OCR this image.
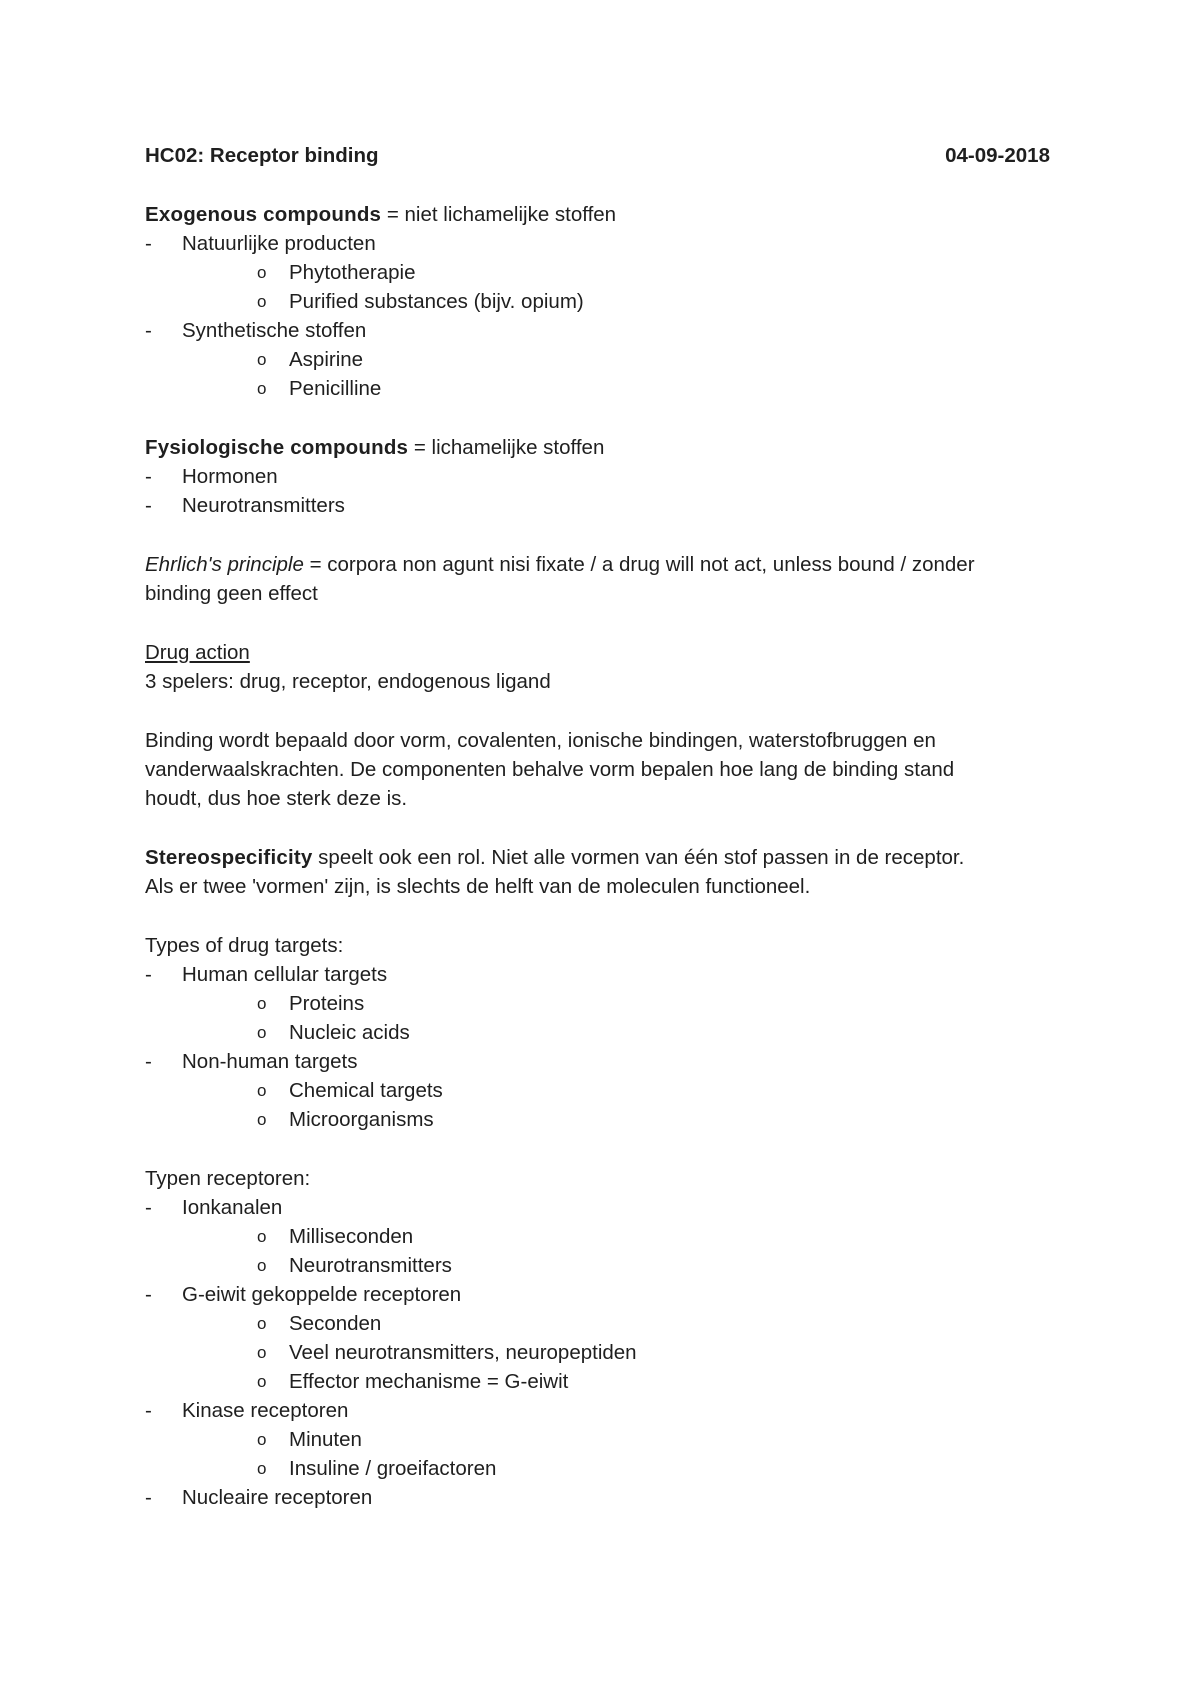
HC02: Receptor binding	04-09-2018
Exogenous compounds = niet lichamelijke stoffen
-	Natuurlijke producten
o	Phytotherapie
o	Purified substances (bijv. opium)
-	Synthetische stoffen
o	Aspirine
o	Penicilline
Fysiologische compounds = lichamelijke stoffen
-	Hormonen
-	Neurotransmitters
Ehrlich's principle = corpora non agunt nisi fixate / a drug will not act, unless bound / zonder
binding geen effect
Drug action
3 spelers: drug, receptor, endogenous ligand
Binding wordt bepaald door vorm, covalenten, ionische bindingen, waterstofbruggen en
vanderwaalskrachten. De componenten behalve vorm bepalen hoe lang de binding stand
houdt, dus hoe sterk deze is.
Stereospecificity speelt ook een rol. Niet alle vormen van één stof passen in de receptor.
Als er twee 'vormen' zijn, is slechts de helft van de moleculen functioneel.
Types of drug targets:
-	Human cellular targets
o	Proteins
o	Nucleic acids
-	Non-human targets
o	Chemical targets
o	Microorganisms
Typen receptoren:
-	Ionkanalen
o	Milliseconden
o	Neurotransmitters
-	G-eiwit gekoppelde receptoren
o	Seconden
o	Veel neurotransmitters, neuropeptiden
o	Effector mechanisme = G-eiwit
-	Kinase receptoren
o	Minuten
o	Insuline / groeifactoren
-	Nucleaire receptoren
